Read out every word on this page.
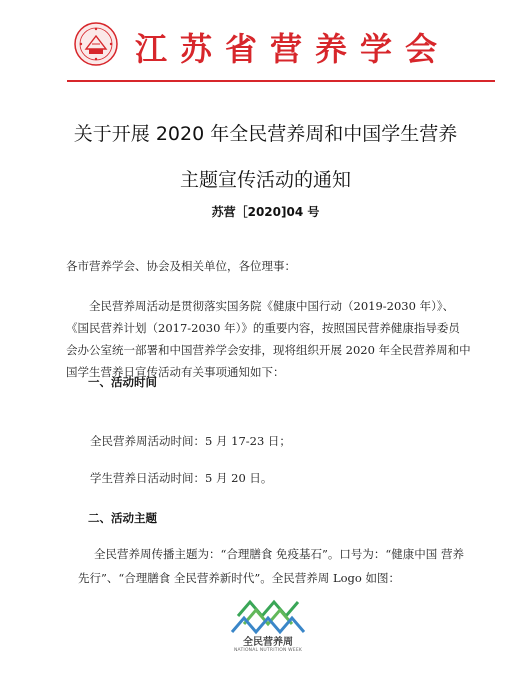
江苏省营养学会
关于开展 2020 年全民营养周和中国学生营养
主题宣传活动的通知
苏营［2020]04 号
各市营养学会、协会及相关单位，各位理事：
全民营养周活动是贯彻落实国务院《健康中国行动（2019-2030 年）》、《国民营养计划（2017-2030 年）》的重要内容，按照国民营养健康指导委员会办公室统一部署和中国营养学会安排，现将组织开展 2020 年全民营养周和中国学生营养日宣传活动有关事项通知如下：
一、活动时间
全民营养周活动时间：5 月 17-23 日；
学生营养日活动时间：5 月 20 日。
二、活动主题
全民营养周传播主题为：“合理膳食 免疫基石”。口号为：“健康中国 营养先行”、“合理膳食 全民营养新时代”。全民营养周 Logo 如图：
全民营养周
NATIONAL NUTRITION WEEK
